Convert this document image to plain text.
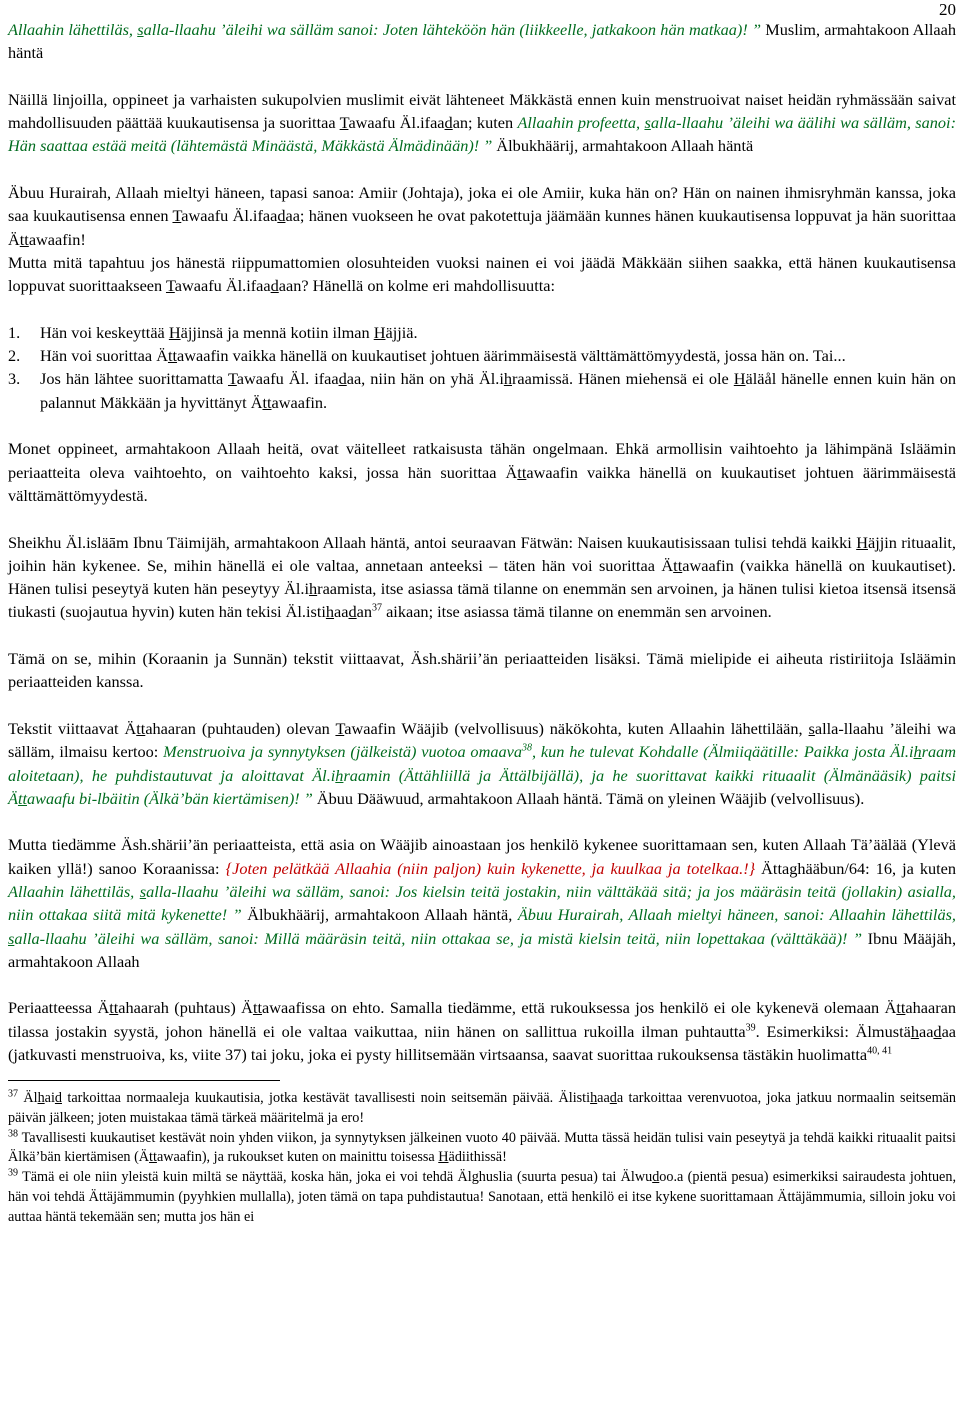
20

Allaahin lähettiläs, salla-llaahu ’äleihi wa sälläm sanoi: Joten lähteköön hän (liikkeelle, jatkakoon hän matkaa)! ” Muslim, armahtakoon Allaah häntä

Näillä linjoilla, oppineet ja varhaisten sukupolvien muslimit eivät lähteneet Mäkkästä ennen kuin menstruoivat naiset heidän ryhmässään saivat mahdollisuuden päättää kuukautisensa ja suorittaa Tawaafu Äl.ifaadan; kuten Allaahin profeetta, salla-llaahu ’äleihi wa äälihi wa sälläm, sanoi: Hän saattaa estää meitä (lähtemästä Minäästä, Mäkkästä Älmädinään)! ” Älbukhäärij, armahtakoon Allaah häntä

Äbuu Hurairah, Allaah mieltyi häneen, tapasi sanoa: Amiir (Johtaja), joka ei ole Amiir, kuka hän on? Hän on nainen ihmisryhmän kanssa, joka saa kuukautisensa ennen Tawaafu Äl.ifaadaa; hänen vuokseen he ovat pakotettuja jäämään kunnes hänen kuukautisensa loppuvat ja hän suorittaa Ättawaafin!

Mutta mitä tapahtuu jos hänestä riippumattomien olosuhteiden vuoksi nainen ei voi jäädä Mäkkään siihen saakka, että hänen kuukautisensa loppuvat suorittaakseen Tawaafu Äl.ifaadaan? Hänellä on kolme eri mahdollisuutta:

1.	Hän voi keskeyttää Häjjinsä ja mennä kotiin ilman Häjjiä.
2.	Hän voi suorittaa Ättawaafin vaikka hänellä on kuukautiset johtuen äärimmäisestä välttämättömyydestä, jossa hän on. Tai...
3.	Jos hän lähtee suorittamatta Tawaafu Äl. ifaadaa, niin hän on yhä Äl.ihraamissä. Hänen miehensä ei ole Häläål hänelle ennen kuin hän on palannut Mäkkään ja hyvittänyt Ättawaafin.

Monet oppineet, armahtakoon Allaah heitä, ovat väitelleet ratkaisusta tähän ongelmaan. Ehkä armollisin vaihtoehto ja lähimpänä Isläämin periaatteita oleva vaihtoehto, on vaihtoehto kaksi, jossa hän suorittaa Ättawaafin vaikka hänellä on kuukautiset johtuen äärimmäisestä välttämättömyydestä.

Sheikhu Äl.isläām Ibnu Täimijäh, armahtakoon Allaah häntä, antoi seuraavan Fätwän: Naisen kuukautisissaan tulisi tehdä kaikki Häjjin rituaalit, joihin hän kykenee. Se, mihin hänellä ei ole valtaa, annetaan anteeksi – täten hän voi suorittaa Ättawaafin (vaikka hänellä on kuukautiset). Hänen tulisi peseytyä kuten hän peseytyy Äl.ihraamista, itse asiassa tämä tilanne on enemmän sen arvoinen, ja hänen tulisi kietoa itsensä itsensä tiukasti (suojautua hyvin) kuten hän tekisi Äl.istihaadan$^{37}$ aikaan; itse asiassa tämä tilanne on enemmän sen arvoinen.

Tämä on se, mihin (Koraanin ja Sunnän) tekstit viittaavat, Äsh.shärii’än periaatteiden lisäksi. Tämä mielipide ei aiheuta ristiriitoja Isläämin periaatteiden kanssa.

Tekstit viittaavat Ättahaaran (puhtauden) olevan Tawaafin Wääjib (velvollisuus) näkökohta, kuten Allaahin lähettilään, salla-llaahu ’äleihi wa sälläm, ilmaisu kertoo: Menstruoiva ja synnytyksen (jälkeistä) vuotoa omaava$^{38}$, kun he tulevat Kohdalle (Älmiiqäätille: Paikka josta Äl.ihraam aloitetaan), he puhdistautuvat ja aloittavat Äl.ihraamin (Ättähliillä ja Ättälbijällä), ja he suorittavat kaikki rituaalit (Älmänääsik) paitsi Ättawaafu bi-lbäitin (Älkä’bän kiertämisen)! ” Äbuu Dääwuud, armahtakoon Allaah häntä. Tämä on yleinen Wääjib (velvollisuus).

Mutta tiedämme Äsh.shärii’än periaatteista, että asia on Wääjib ainoastaan jos henkilö kykenee suorittamaan sen, kuten Allaah Tä’äälää (Ylevä kaiken yllä!) sanoo Koraanissa: {Joten pelätkää Allaahia (niin paljon) kuin kykenette, ja kuulkaa ja totelkaa.!} Ättaghääbun/64: 16, ja kuten Allaahin lähettiläs, salla-llaahu ’äleihi wa sälläm, sanoi: Jos kielsin teitä jostakin, niin välttäkää sitä; ja jos määräsin teitä (jollakin) asialla, niin ottakaa siitä mitä kykenette! ” Älbukhäärij, armahtakoon Allaah häntä, Äbuu Hurairah, Allaah mieltyi häneen, sanoi: Allaahin lähettiläs, salla-llaahu ’äleihi wa sälläm, sanoi: Millä määräsin teitä, niin ottakaa se, ja mistä kielsin teitä, niin lopettakaa (välttäkää)! ” Ibnu Määjäh, armahtakoon Allaah

Periaatteessa Ättahaarah (puhtaus) Ättawaafissa on ehto. Samalla tiedämme, että rukouksessa jos henkilö ei ole kykenevä olemaan Ättahaaran tilassa jostakin syystä, johon hänellä ei ole valtaa vaikuttaa, niin hänen on sallittua rukoilla ilman puhtautta$^{39}$. Esimerkiksi: Älmustähaadaa (jatkuvasti menstruoiva, ks, viite 37) tai joku, joka ei pysty hillitsemään virtsaansa, saavat suorittaa rukouksensa tästäkin huolimatta$^{40,}$ $^{41}$

$^{37}$ Älhaid tarkoittaa normaaleja kuukautisia, jotka kestävät tavallisesti noin seitsemän päivää. Älistihaada tarkoittaa verenvuotoa, joka jatkuu normaalin seitsemän päivän jälkeen; joten muistakaa tämä tärkeä määritelmä ja ero!

$^{38}$ Tavallisesti kuukautiset kestävät noin yhden viikon, ja synnytyksen jälkeinen vuoto 40 päivää. Mutta tässä heidän tulisi vain peseytyä ja tehdä kaikki rituaalit paitsi Älkä’bän kiertämisen (Ättawaafin), ja rukoukset kuten on mainittu toisessa Hädiithissä!

$^{39}$ Tämä ei ole niin yleistä kuin miltä se näyttää, koska hän, joka ei voi tehdä Älghuslia (suurta pesua) tai Älwudoo.a (pientä pesua) esimerkiksi sairaudesta johtuen, hän voi tehdä Ättäjämmumin (pyyhkien mullalla), joten tämä on tapa puhdistautua! Sanotaan, että henkilö ei itse kykene suorittamaan Ättäjämmumia, silloin joku voi auttaa häntä tekemään sen; mutta jos hän ei
